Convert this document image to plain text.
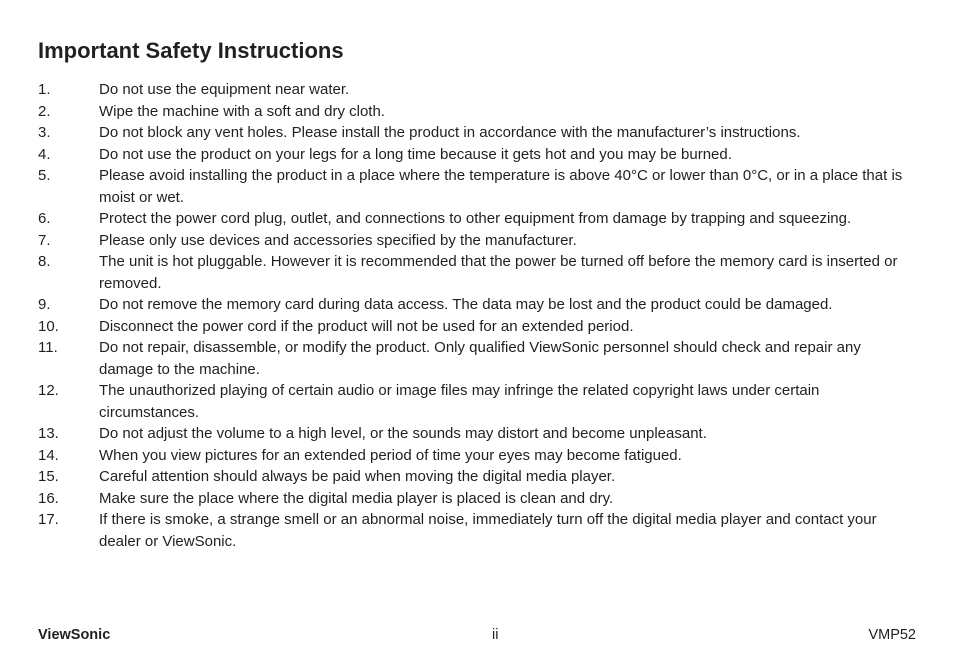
Important Safety Instructions
1.	Do not use the equipment near water.
2.	Wipe the machine with a soft and dry cloth.
3.	Do not block any vent holes. Please install the product in accordance with the manufacturer’s instructions.
4.	Do not use the product on your legs for a long time because it gets hot and you may be burned.
5.	Please avoid installing the product in a place where the temperature is above 40°C or lower than 0°C, or in a place that is moist or wet.
6.	Protect the power cord plug, outlet, and connections to other equipment from damage by trapping and squeezing.
7.	Please only use devices and accessories specified by the manufacturer.
8.	The unit is hot pluggable. However it is recommended that the power be turned off before the memory card is inserted or removed.
9.	Do not remove the memory card during data access. The data may be lost and the product could be damaged.
10.	Disconnect the power cord if the product will not be used for an extended period.
11.	Do not repair, disassemble, or modify the product. Only qualified ViewSonic personnel should check and repair any damage to the machine.
12.	The unauthorized playing of certain audio or image files may infringe the related copyright laws under certain circumstances.
13.	Do not adjust the volume to a high level, or the sounds may distort and become unpleasant.
14.	When you view pictures for an extended period of time your eyes may become fatigued.
15.	Careful attention should always be paid when moving the digital media player.
16.	Make sure the place where the digital media player is placed is clean and dry.
17.	If there is smoke, a strange smell or an abnormal noise, immediately turn off the digital media player and contact your dealer or ViewSonic.
ViewSonic	ii	VMP52
